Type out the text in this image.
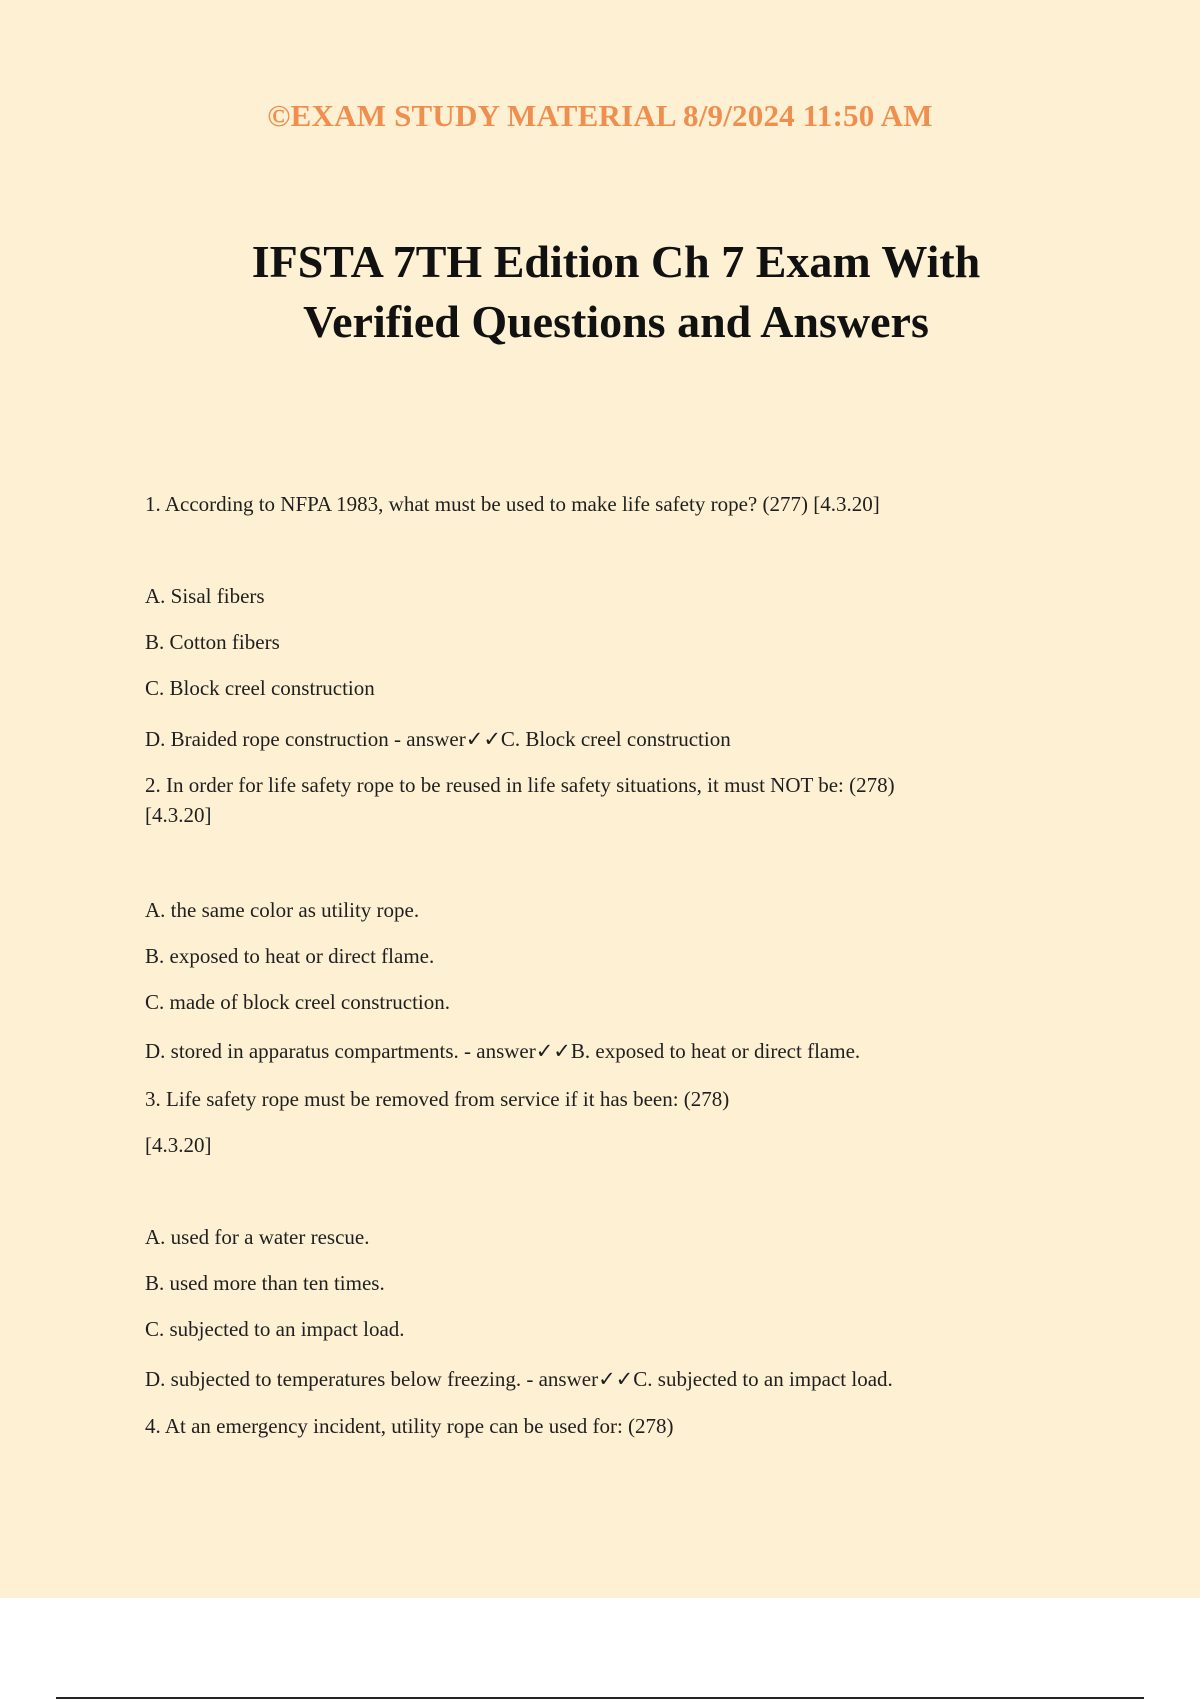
©EXAM STUDY MATERIAL 8/9/2024 11:50 AM
IFSTA 7TH Edition Ch 7 Exam With
Verified Questions and Answers
1. According to NFPA 1983, what must be used to make life safety rope? (277) [4.3.20]
A. Sisal fibers
B. Cotton fibers
C. Block creel construction
D. Braided rope construction - answer✓✓C. Block creel construction
2. In order for life safety rope to be reused in life safety situations, it must NOT be: (278)
[4.3.20]
A. the same color as utility rope.
B. exposed to heat or direct flame.
C. made of block creel construction.
D. stored in apparatus compartments. - answer✓✓B. exposed to heat or direct flame.
3. Life safety rope must be removed from service if it has been: (278)
[4.3.20]
A. used for a water rescue.
B. used more than ten times.
C. subjected to an impact load.
D. subjected to temperatures below freezing. - answer✓✓C. subjected to an impact load.
4. At an emergency incident, utility rope can be used for: (278)
